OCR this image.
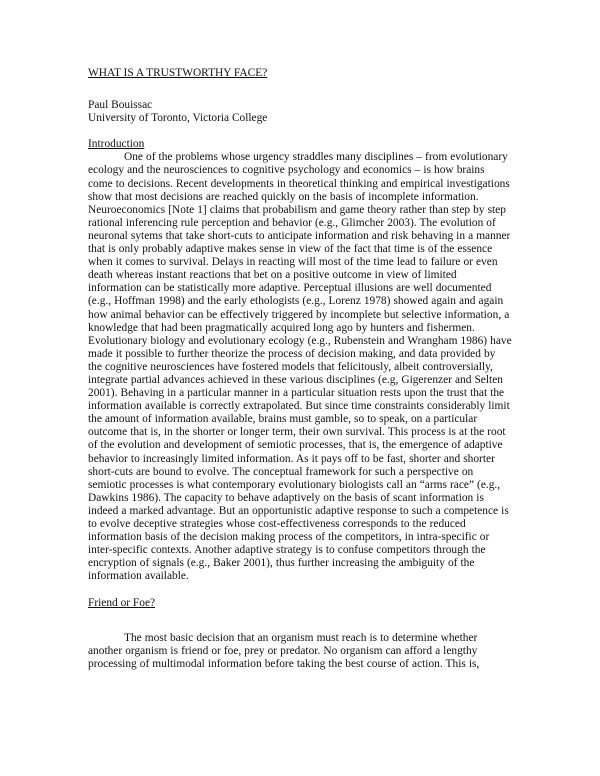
WHAT IS A TRUSTWORTHY FACE?
Paul Bouissac
University of Toronto, Victoria College
Introduction

One of the problems whose urgency straddles many disciplines – from evolutionary ecology and the neurosciences to cognitive psychology and economics – is how brains come to decisions. Recent developments in theoretical thinking and empirical investigations show that most decisions are reached quickly on the basis of incomplete information. Neuroeconomics [Note 1] claims that probabilism and game theory rather than step by step rational inferencing rule perception and behavior (e.g., Glimcher 2003). The evolution of neuronal sytems that take short-cuts to anticipate information and risk behaving in a manner that is only probably adaptive makes sense in view of the fact that time is of the essence when it comes to survival. Delays in reacting will most of the time lead to failure or even death whereas instant reactions that bet on a positive outcome in view of limited information can be statistically more adaptive. Perceptual illusions are well documented (e.g., Hoffman 1998) and the early ethologists (e.g., Lorenz 1978) showed again and again how animal behavior can be effectively triggered by incomplete but selective information, a knowledge that had been pragmatically acquired long ago by hunters and fishermen. Evolutionary biology and evolutionary ecology (e.g., Rubenstein and Wrangham 1986) have made it possible to further theorize the process of decision making, and data provided by the cognitive neurosciences have fostered models that felicitously, albeit controversially, integrate partial advances achieved in these various disciplines (e.g, Gigerenzer and Selten 2001). Behaving in a particular manner in a particular situation rests upon the trust that the information available is correctly extrapolated. But since time constraints considerably limit the amount of information available, brains must gamble, so to speak, on a particular outcome that is, in the shorter or longer term, their own survival. This process is at the root of the evolution and development of semiotic processes, that is, the emergence of adaptive behavior to increasingly limited information. As it pays off to be fast, shorter and shorter short-cuts are bound to evolve. The conceptual framework for such a perspective on semiotic processes is what contemporary evolutionary biologists call an “arms race” (e.g., Dawkins 1986). The capacity to behave adaptively on the basis of scant information is indeed a marked advantage. But an opportunistic adaptive response to such a competence is to evolve deceptive strategies whose cost-effectiveness corresponds to the reduced information basis of the decision making process of the competitors, in intra-specific or inter-specific contexts. Another adaptive strategy is to confuse competitors through the encryption of signals (e.g., Baker 2001), thus further increasing the ambiguity of the information available.

Friend or Foe?

The most basic decision that an organism must reach is to determine whether another organism is friend or foe, prey or predator. No organism can afford a lengthy processing of multimodal information before taking the best course of action. This is,
